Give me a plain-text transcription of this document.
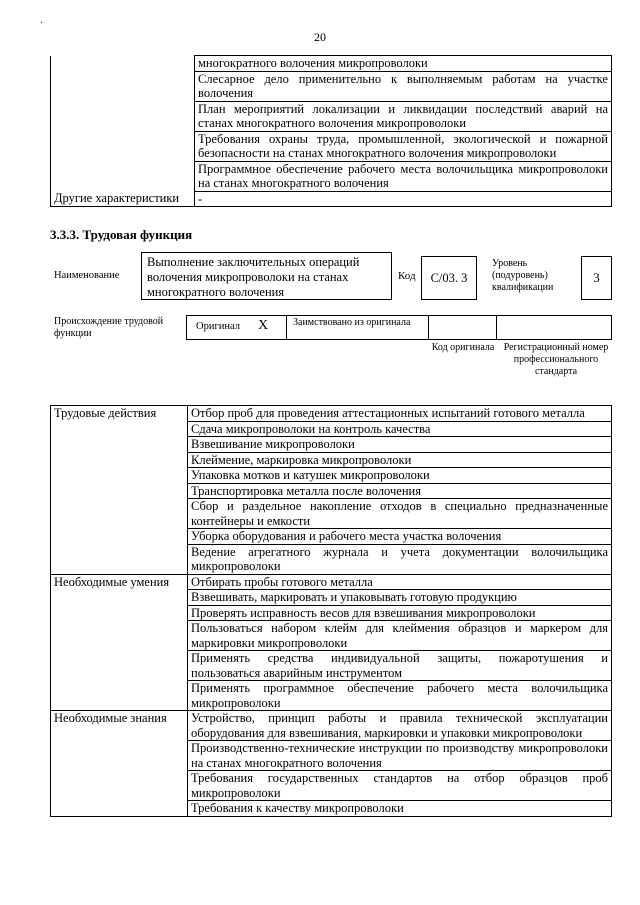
·
20
	многократного волочения микропроволоки
	Слесарное дело применительно к выполняемым работам на участке волочения
	План мероприятий локализации и ликвидации последствий аварий на станах многократного волочения микропроволоки
	Требования охраны труда, промышленной, экологической и пожарной безопасности на станах многократного волочения микропроволоки
	Программное обеспечение рабочего места волочильщика микропроволоки на станах многократного волочения
Другие характеристики	-
3.3.3. Трудовая функция
Наименование
Выполнение заключительных операций волочения микропроволоки на станах многократного волочения
Код	C/03. 3
Уровень (подуровень) квалификации
3
Происхождение трудовой функции
Оригинал X Заимствовано из оригинала
Код оригинала Регистрационный номер профессионального стандарта
Трудовые действия	Отбор проб для проведения аттестационных испытаний готового металла
	Сдача микропроволоки на контроль качества
	Взвешивание микропроволоки
	Клеймение, маркировка микропроволоки
	Упаковка мотков и катушек микропроволоки
	Транспортировка металла после волочения
	Сбор и раздельное накопление отходов в специально предназначенные контейнеры и емкости
	Уборка оборудования и рабочего места участка волочения
	Ведение агрегатного журнала и учета документации волочильщика микропроволоки
Необходимые умения	Отбирать пробы готового металла
	Взвешивать, маркировать и упаковывать готовую продукцию
	Проверять исправность весов для взвешивания микропроволоки
	Пользоваться набором клейм для клеймения образцов и маркером для маркировки микропроволоки
	Применять средства индивидуальной защиты, пожаротушения и пользоваться аварийным инструментом
	Применять программное обеспечение рабочего места волочильщика микропроволоки
Необходимые знания	Устройство, принцип работы и правила технической эксплуатации оборудования для взвешивания, маркировки и упаковки микропроволоки
	Производственно-технические инструкции по производству микропроволоки на станах многократного волочения
	Требования государственных стандартов на отбор образцов проб микропроволоки
	Требования к качеству микропроволоки
